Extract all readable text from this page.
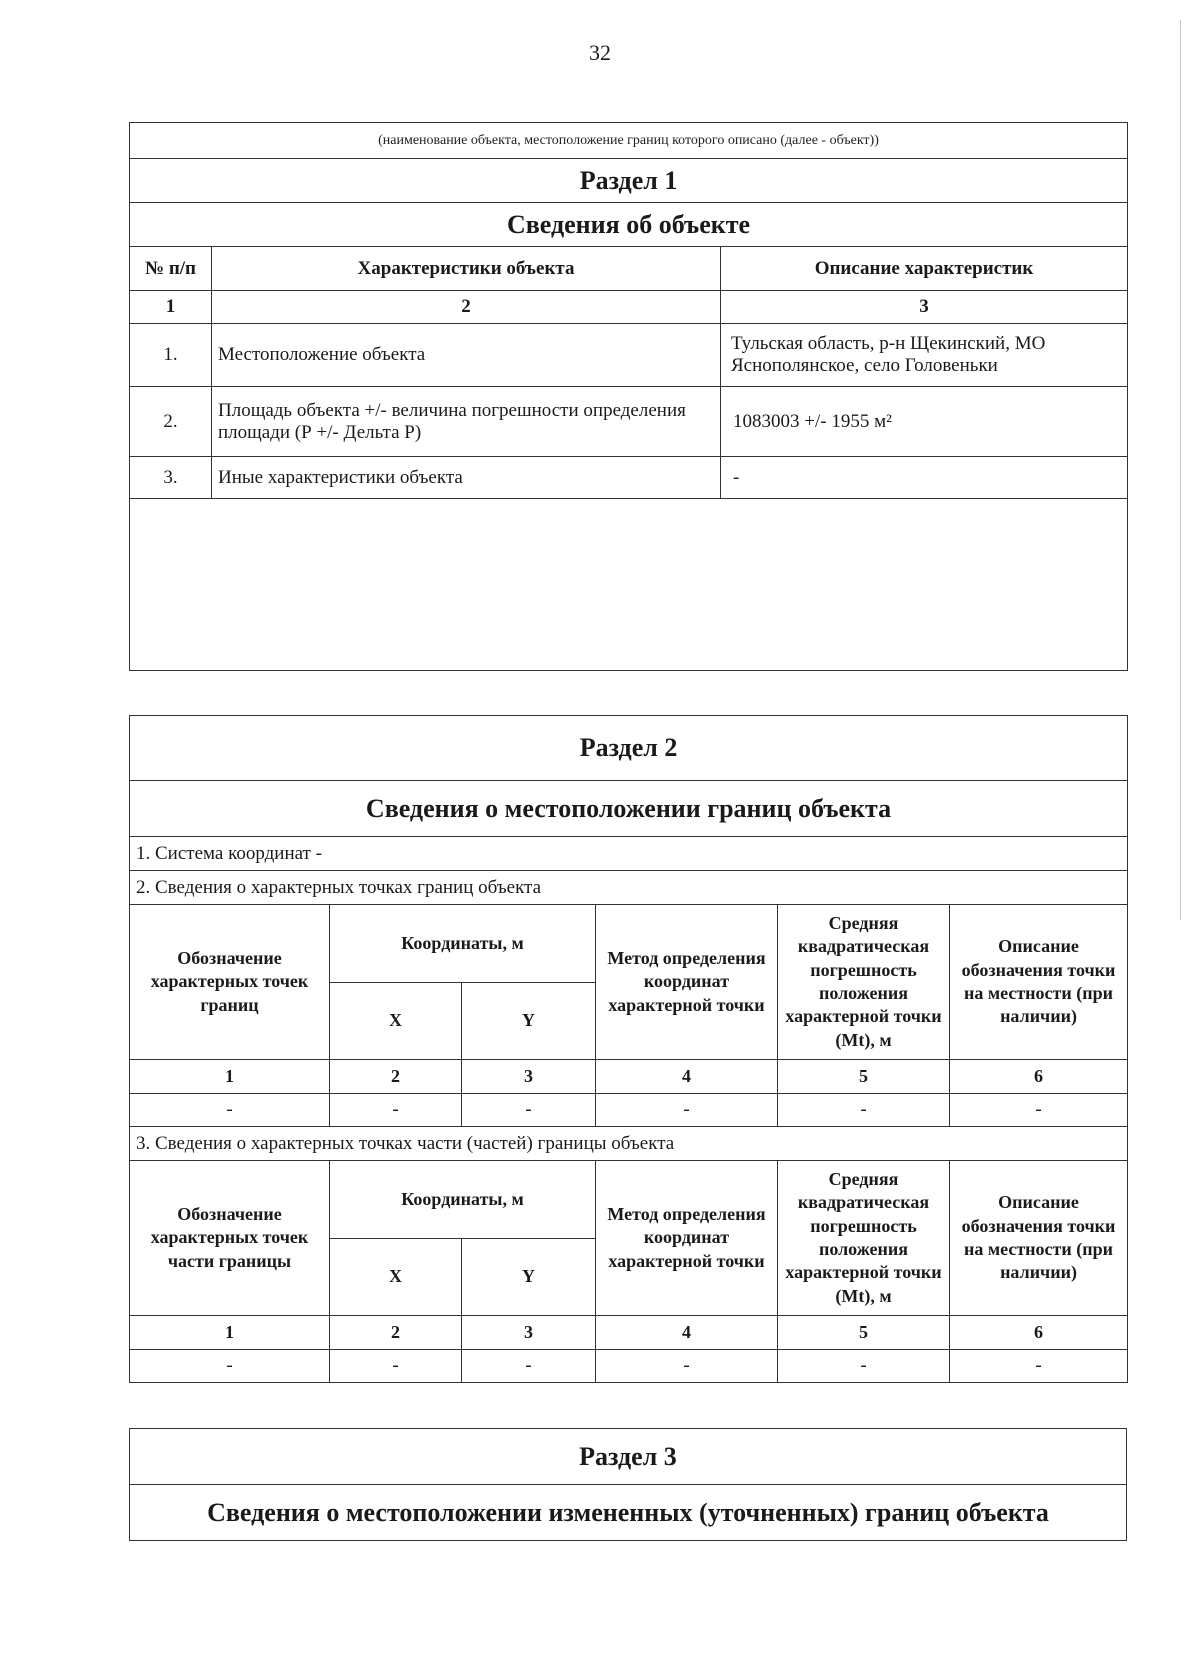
32
(наименование объекта, местоположение границ которого описано (далее - объект))		
Раздел 1		
Сведения об объекте		
№ п/п	Характеристики объекта	Описание характеристик
1	2	3
1.	Местоположение объекта	Тульская область, р-н Щекинский, МО Яснополянское, село Головеньки
2.	Площадь объекта +/- величина погрешности определения площади (Р +/- Дельта Р)	1083003 +/- 1955 м²
3.	Иные характеристики объекта	-

Раздел 2					
Сведения о местоположении границ объекта					
1. Система координат -					
2. Сведения о характерных точках границ объекта					
Обозначение характерных точек границ	Координаты, м		Метод определения координат характерной точки	Средняя квадратическая погрешность положения характерной точки (Mt), м	Описание обозначения точки на местности (при наличии)
	X	Y			
1	2	3	4	5	6
-	-	-	-	-	-
3. Сведения о характерных точках части (частей) границы объекта					
Обозначение характерных точек части границы	Координаты, м		Метод определения координат характерной точки	Средняя квадратическая погрешность положения характерной точки (Mt), м	Описание обозначения точки на местности (при наличии)
	X	Y			
1	2	3	4	5	6
-	-	-	-	-	-
Раздел 3
Сведения о местоположении измененных (уточненных) границ объекта
